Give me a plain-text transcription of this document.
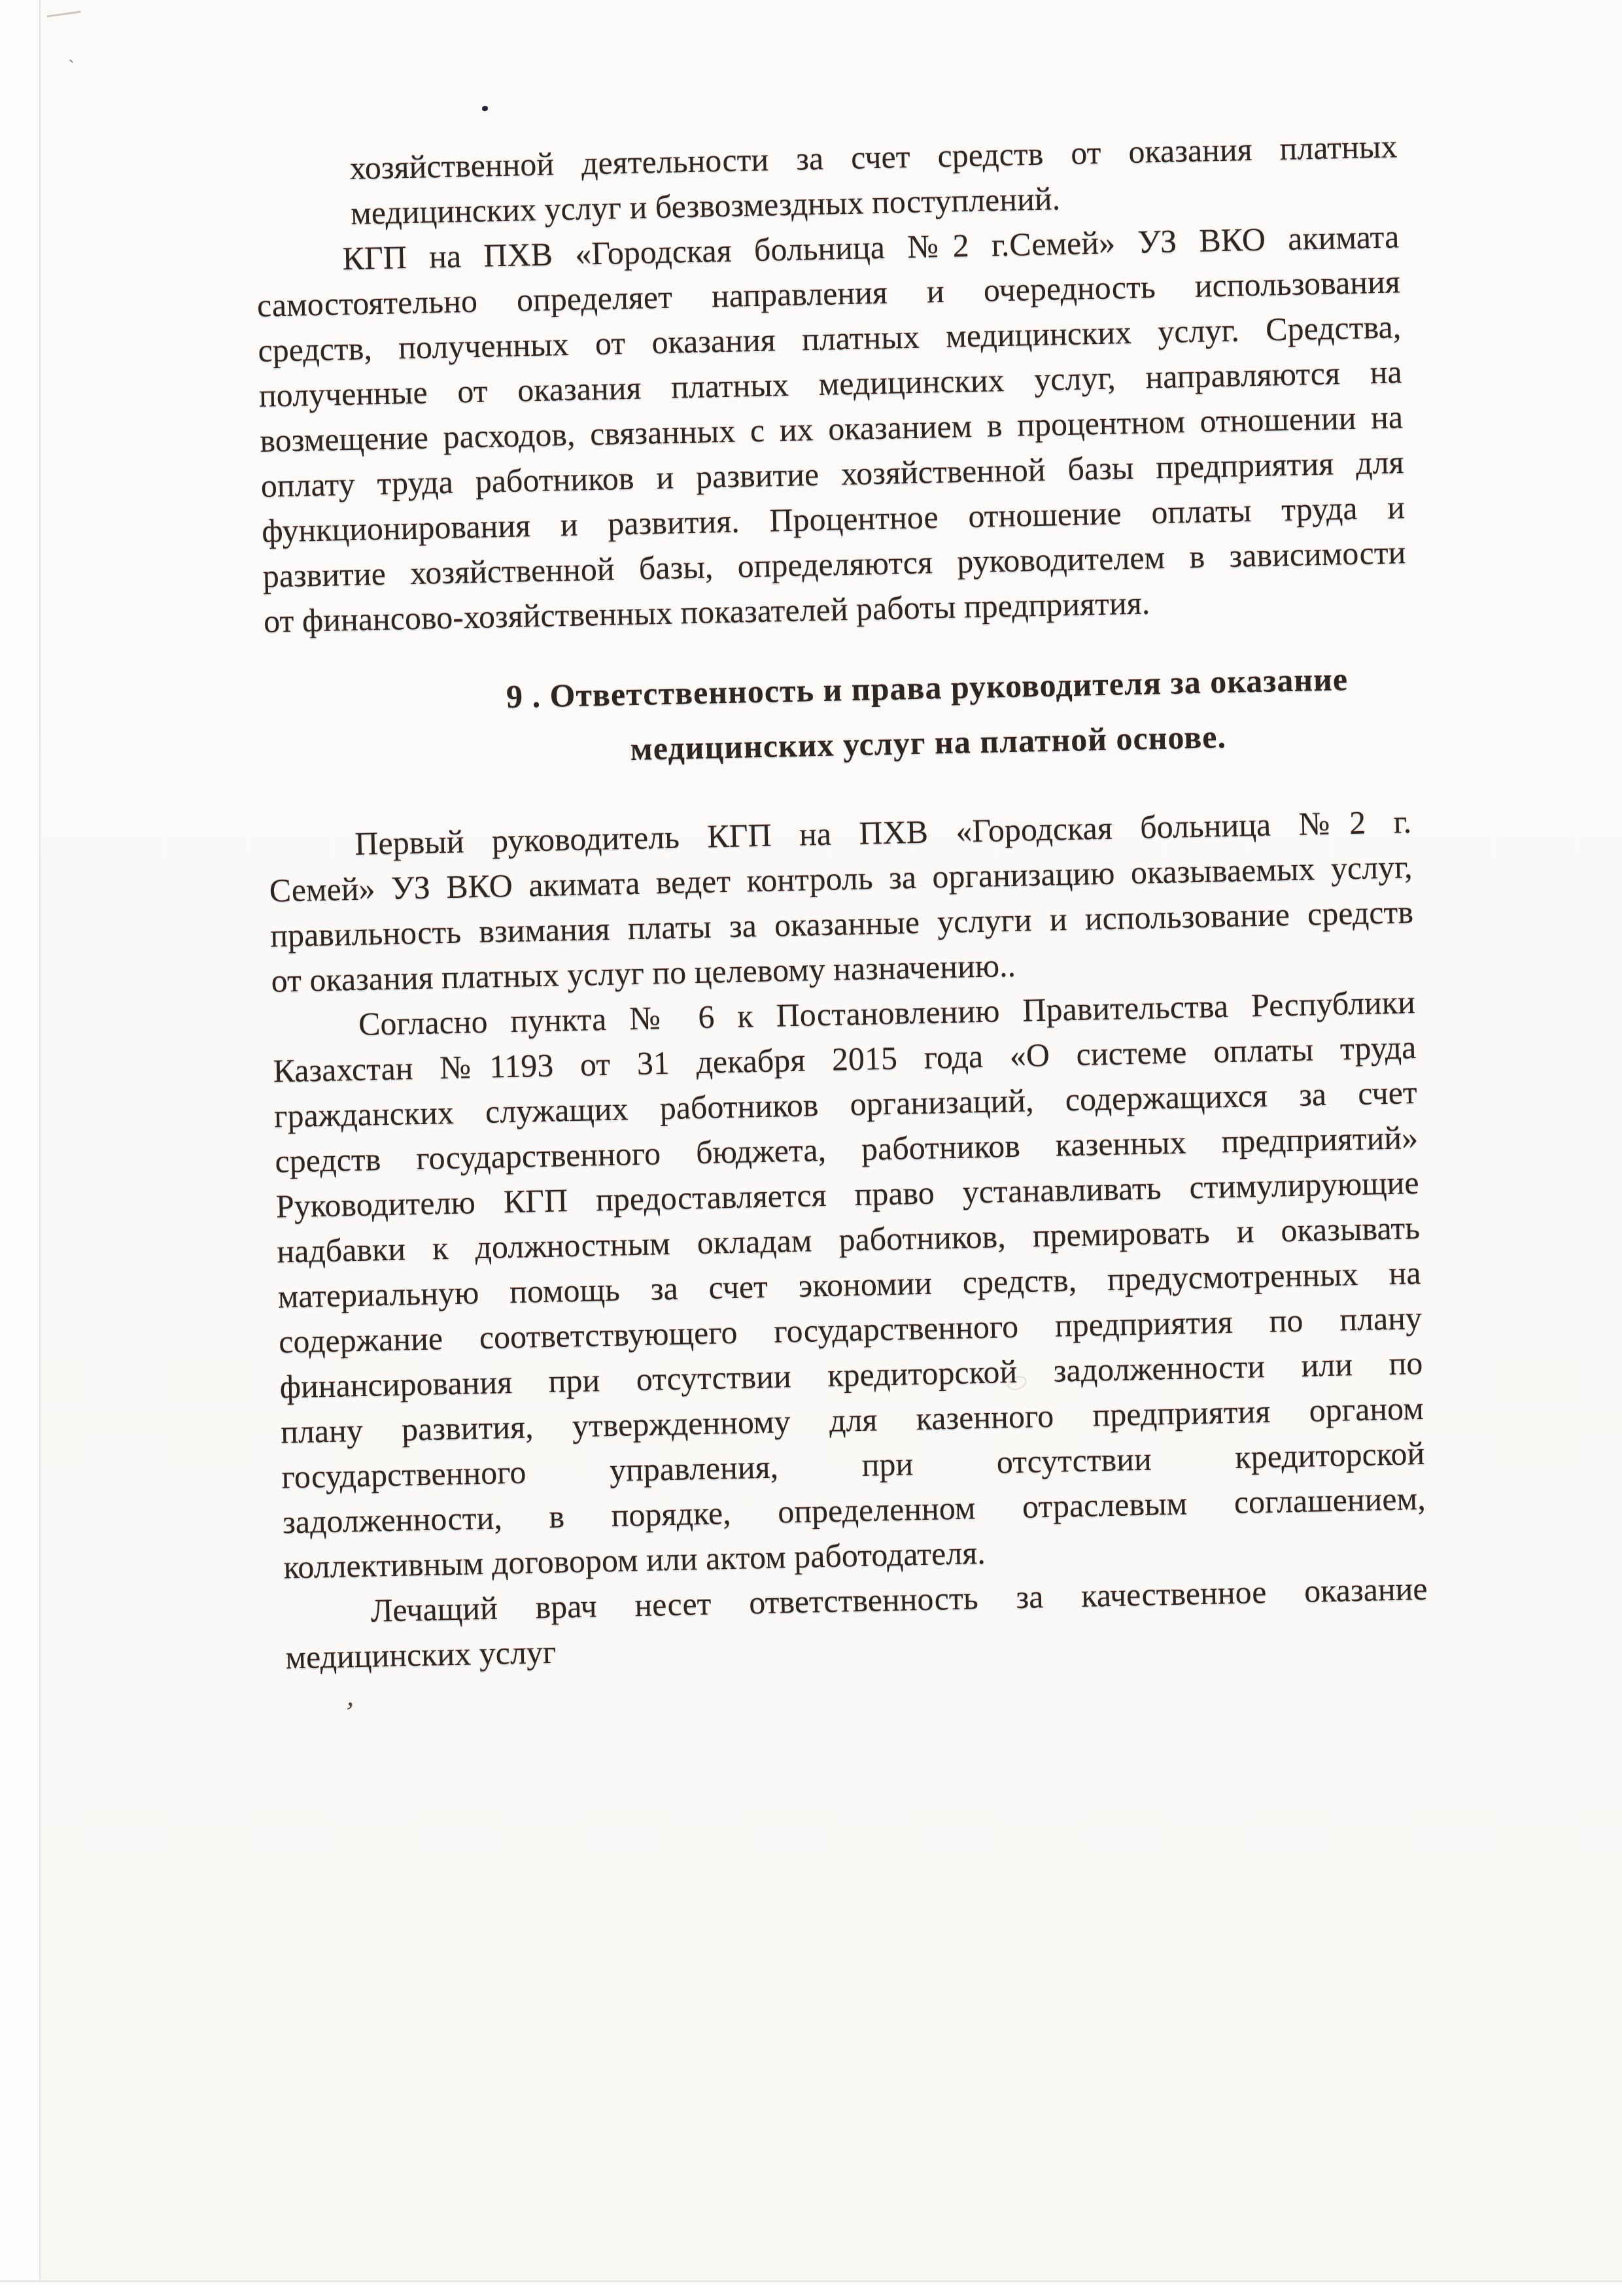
`
‚
хозяйственной деятельности за счет средств от оказания платных
медицинских услуг и безвозмездных поступлений.
КГП на ПХВ «Городская больница №2 г.Семей» УЗ ВКО акимата
самостоятельно определяет направления и очередность использования
средств, полученных от оказания платных медицинских услуг. Средства,
полученные от оказания платных медицинских услуг, направляются на
возмещение расходов, связанных с их оказанием в процентном отношении на
оплату труда работников и развитие хозяйственной базы предприятия для
функционирования и развития. Процентное отношение оплаты труда и
развитие хозяйственной базы, определяются руководителем в зависимости
от финансово-хозяйственных показателей работы предприятия.
9 . Ответственность и права руководителя за оказание
медицинских услуг на платной основе.
Первый руководитель КГП на ПХВ «Городская больница №2 г.
Семей» УЗ ВКО акимата ведет контроль за организацию оказываемых услуг,
правильность взимания платы за оказанные услуги и использование средств
от оказания платных услуг по целевому назначению..
Согласно пункта № 6 к Постановлению Правительства Республики
Казахстан №1193 от 31 декабря 2015 года «О системе оплаты труда
гражданских служащих работников организаций, содержащихся за счет
средств государственного бюджета, работников казенных предприятий»
Руководителю КГП предоставляется право устанавливать стимулирующие
надбавки к должностным окладам работников, премировать и оказывать
материальную помощь за счет экономии средств, предусмотренных на
содержание соответствующего государственного предприятия по плану
финансирования при отсутствии кредиторской задолженности или по
плану развития, утвержденному для казенного предприятия органом
государственного управления, при отсутствии кредиторской
задолженности, в порядке, определенном отраслевым соглашением,
коллективным договором или актом работодателя.
Лечащий врач несет ответственность за качественное оказание
медицинских услуг
